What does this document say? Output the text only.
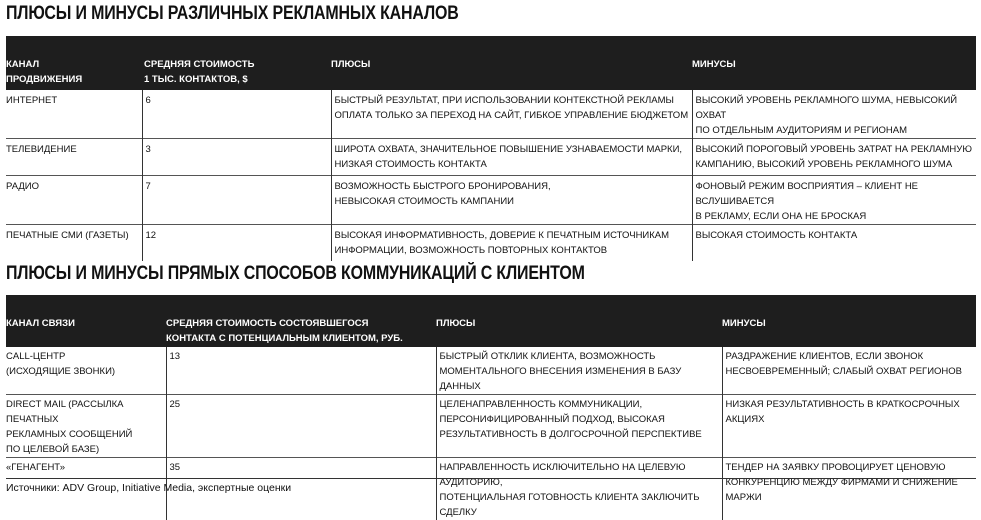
ПЛЮСЫ И МИНУСЫ РАЗЛИЧНЫХ РЕКЛАМНЫХ КАНАЛОВ
КАНАЛ
ПРОДВИЖЕНИЯ	СРЕДНЯЯ СТОИМОСТЬ
1 ТЫС. КОНТАКТОВ, $	ПЛЮСЫ	МИНУСЫ

ИНТЕРНЕТ	6	БЫСТРЫЙ РЕЗУЛЬТАТ, ПРИ ИСПОЛЬЗОВАНИИ КОНТЕКСТНОЙ РЕКЛАМЫ
ОПЛАТА ТОЛЬКО ЗА ПЕРЕХОД НА САЙТ, ГИБКОЕ УПРАВЛЕНИЕ БЮДЖЕТОМ	ВЫСОКИЙ УРОВЕНЬ РЕКЛАМНОГО ШУМА, НЕВЫСОКИЙ ОХВАТ
ПО ОТДЕЛЬНЫМ АУДИТОРИЯМ И РЕГИОНАМ

ТЕЛЕВИДЕНИЕ	3	ШИРОТА ОХВАТА, ЗНАЧИТЕЛЬНОЕ ПОВЫШЕНИЕ УЗНАВАЕМОСТИ МАРКИ,
НИЗКАЯ СТОИМОСТЬ КОНТАКТА	ВЫСОКИЙ ПОРОГОВЫЙ УРОВЕНЬ ЗАТРАТ НА РЕКЛАМНУЮ
КАМПАНИЮ, ВЫСОКИЙ УРОВЕНЬ РЕКЛАМНОГО ШУМА

РАДИО	7	ВОЗМОЖНОСТЬ БЫСТРОГО БРОНИРОВАНИЯ,
НЕВЫСОКАЯ СТОИМОСТЬ КАМПАНИИ	ФОНОВЫЙ РЕЖИМ ВОСПРИЯТИЯ – КЛИЕНТ НЕ ВСЛУШИВАЕТСЯ
В РЕКЛАМУ, ЕСЛИ ОНА НЕ БРОСКАЯ

ПЕЧАТНЫЕ СМИ (ГАЗЕТЫ)	12	ВЫСОКАЯ ИНФОРМАТИВНОСТЬ, ДОВЕРИЕ К ПЕЧАТНЫМ ИСТОЧНИКАМ
ИНФОРМАЦИИ, ВОЗМОЖНОСТЬ ПОВТОРНЫХ КОНТАКТОВ	ВЫСОКАЯ СТОИМОСТЬ КОНТАКТА
ПЛЮСЫ И МИНУСЫ ПРЯМЫХ СПОСОБОВ КОММУНИКАЦИЙ С КЛИЕНТОМ
КАНАЛ СВЯЗИ	СРЕДНЯЯ СТОИМОСТЬ СОСТОЯВШЕГОСЯ
КОНТАКТА С ПОТЕНЦИАЛЬНЫМ КЛИЕНТОМ, РУБ.	ПЛЮСЫ	МИНУСЫ

CALL-ЦЕНТР
(ИСХОДЯЩИЕ ЗВОНКИ)	13	БЫСТРЫЙ ОТКЛИК КЛИЕНТА, ВОЗМОЖНОСТЬ
МОМЕНТАЛЬНОГО ВНЕСЕНИЯ ИЗМЕНЕНИЯ В БАЗУ ДАННЫХ	РАЗДРАЖЕНИЕ КЛИЕНТОВ, ЕСЛИ ЗВОНОК
НЕСВОЕВРЕМЕННЫЙ; СЛАБЫЙ ОХВАТ РЕГИОНОВ

DIRECT MAIL (РАССЫЛКА ПЕЧАТНЫХ
РЕКЛАМНЫХ СООБЩЕНИЙ
ПО ЦЕЛЕВОЙ БАЗЕ)	25	ЦЕЛЕНАПРАВЛЕННОСТЬ КОММУНИКАЦИИ,
ПЕРСОНИФИЦИРОВАННЫЙ ПОДХОД, ВЫСОКАЯ
РЕЗУЛЬТАТИВНОСТЬ В ДОЛГОСРОЧНОЙ ПЕРСПЕКТИВЕ	НИЗКАЯ РЕЗУЛЬТАТИВНОСТЬ В КРАТКОСРОЧНЫХ АКЦИЯХ

«ГЕНАГЕНТ»	35	НАПРАВЛЕННОСТЬ ИСКЛЮЧИТЕЛЬНО НА ЦЕЛЕВУЮ АУДИТОРИЮ,
ПОТЕНЦИАЛЬНАЯ ГОТОВНОСТЬ КЛИЕНТА ЗАКЛЮЧИТЬ СДЕЛКУ	ТЕНДЕР НА ЗАЯВКУ ПРОВОЦИРУЕТ ЦЕНОВУЮ
КОНКУРЕНЦИЮ МЕЖДУ ФИРМАМИ И СНИЖЕНИЕ МАРЖИ
Источники: ADV Group, Initiative Media, экспертные оценки
